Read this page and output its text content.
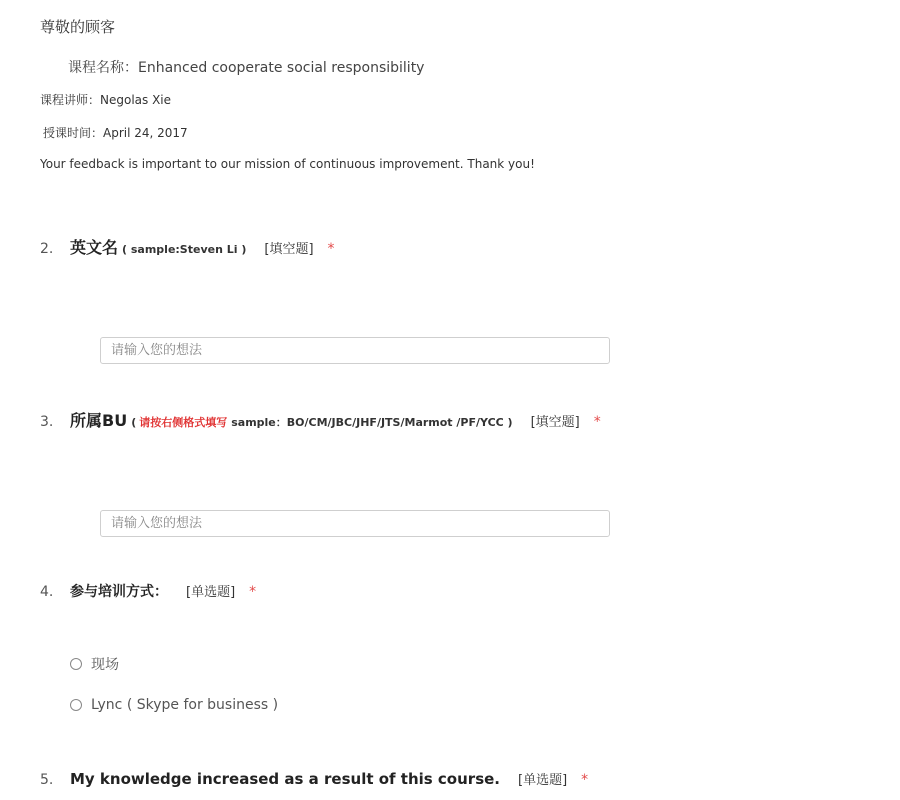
尊敬的顾客
课程名称：Enhanced cooperate social responsibility
课程讲师：Negolas Xie
授课时间：April 24, 2017
Your feedback is important to our mission of continuous improvement. Thank you!
2.	英文名 ( sample:Steven Li ) [填空题] *
请输入您的想法
3.	所属BU ( 请按右侧格式填写 sample：BO/CM/JBC/JHF/JTS/Marmot /PF/YCC ) [填空题] *
请输入您的想法
4.	参与培训方式： [单选题] *
现场
Lync ( Skype for business )
5.	My knowledge increased as a result of this course. [单选题] *
